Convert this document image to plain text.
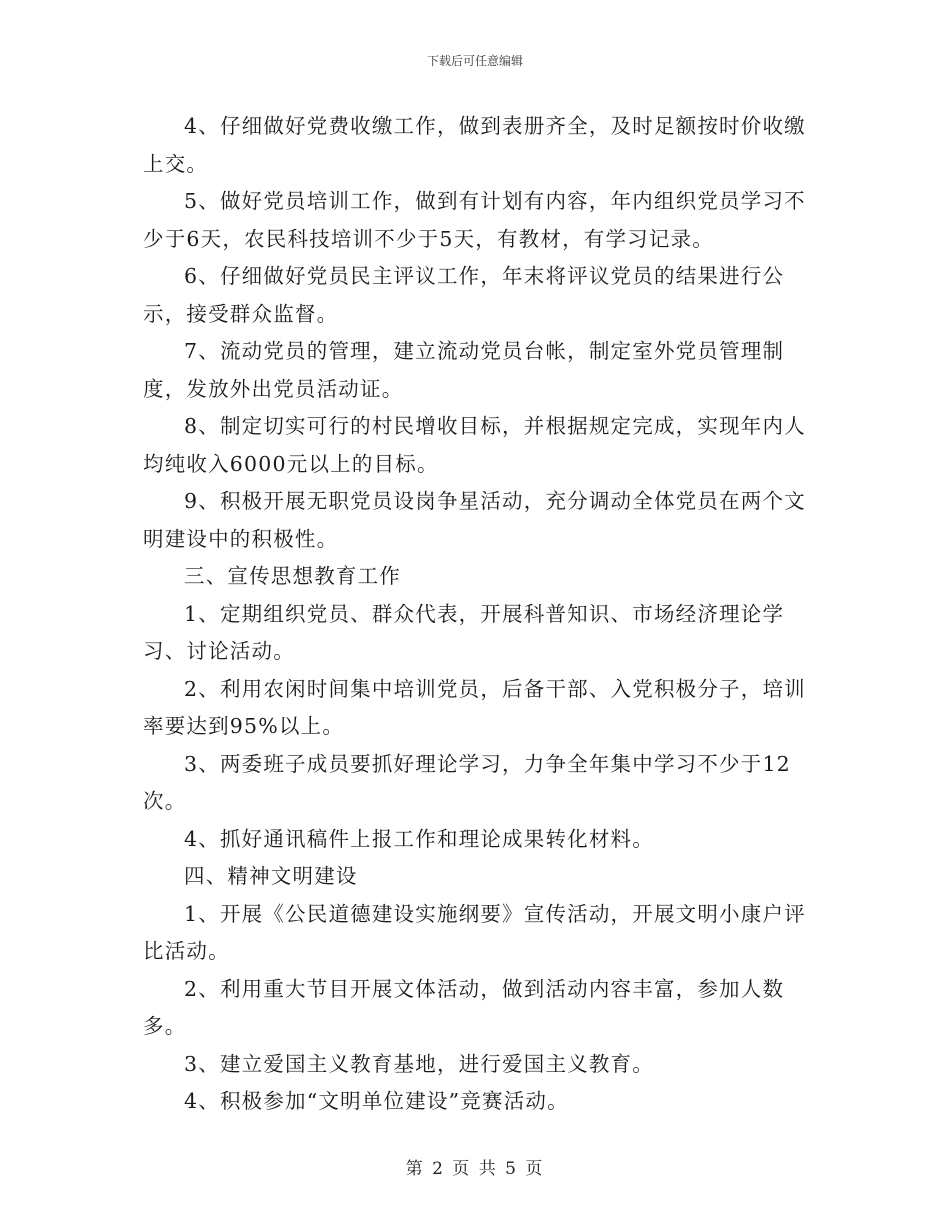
下载后可任意编辑

4、仔细做好党费收缴工作，做到表册齐全，及时足额按时价收缴上交。

5、做好党员培训工作，做到有计划有内容，年内组织党员学习不少于6天，农民科技培训不少于5天，有教材，有学习记录。

6、仔细做好党员民主评议工作，年末将评议党员的结果进行公示，接受群众监督。

7、流动党员的管理，建立流动党员台帐，制定室外党员管理制度，发放外出党员活动证。

8、制定切实可行的村民增收目标，并根据规定完成，实现年内人均纯收入6000元以上的目标。

9、积极开展无职党员设岗争星活动，充分调动全体党员在两个文明建设中的积极性。

三、宣传思想教育工作

1、定期组织党员、群众代表，开展科普知识、市场经济理论学习、讨论活动。

2、利用农闲时间集中培训党员，后备干部、入党积极分子，培训率要达到95%以上。

3、两委班子成员要抓好理论学习，力争全年集中学习不少于12次。

4、抓好通讯稿件上报工作和理论成果转化材料。

四、精神文明建设

1、开展《公民道德建设实施纲要》宣传活动，开展文明小康户评比活动。

2、利用重大节目开展文体活动，做到活动内容丰富，参加人数多。

3、建立爱国主义教育基地，进行爱国主义教育。

4、积极参加“文明单位建设”竞赛活动。

第 2 页 共 5 页
